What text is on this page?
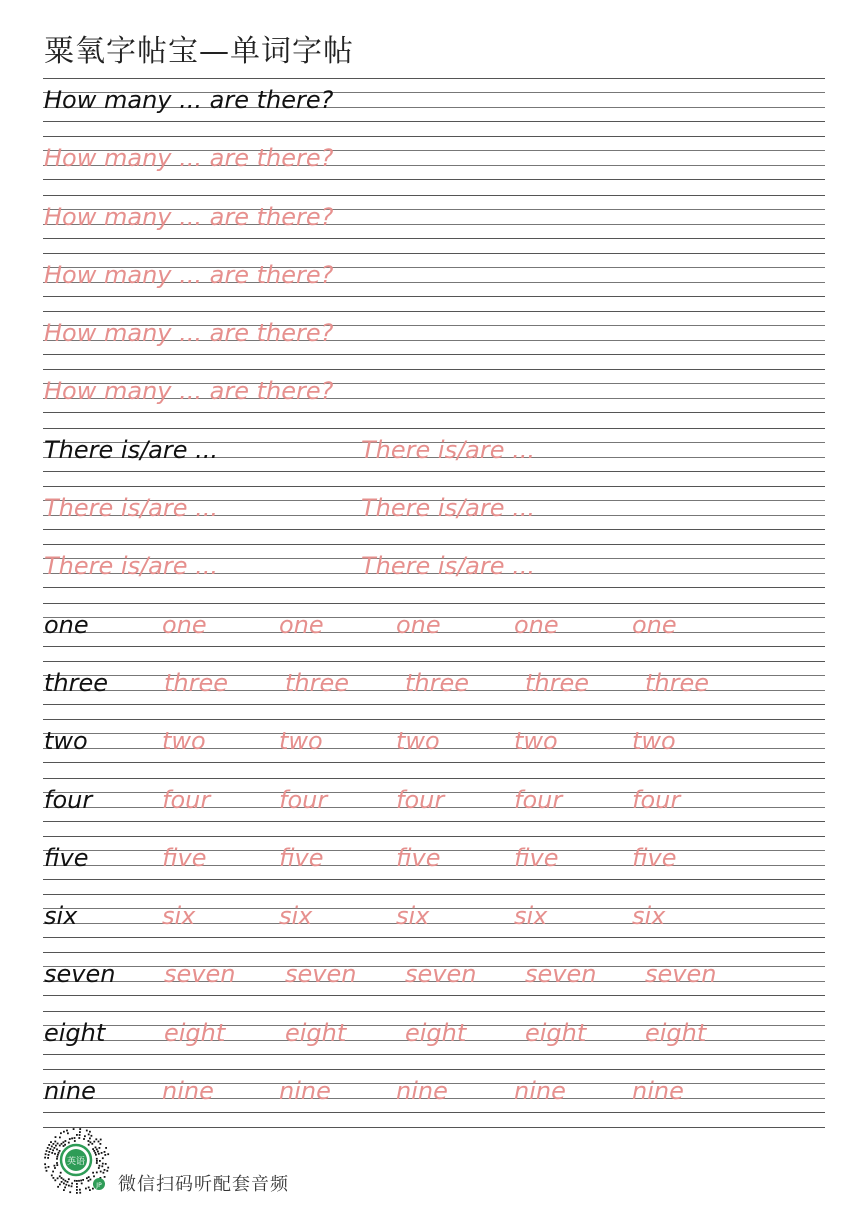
粟氧字帖宝—单词字帖
How many ... are there?
How many ... are there?
How many ... are there?
How many ... are there?
How many ... are there?
How many ... are there?
There is/are ...	There is/are ...
There is/are ...	There is/are ...
There is/are ...	There is/are ...
one	one	one	one	one	one
three three three three three three
two	two	two	two	two	two
four	four	four	four	four	four
five	five	five	five	five	five
six	six	six	six	six	six
seven seven seven seven seven seven
eight eight eight eight eight eight
nine	nine	nine	nine	nine	nine
英语
JP 微信扫码听配套音频
